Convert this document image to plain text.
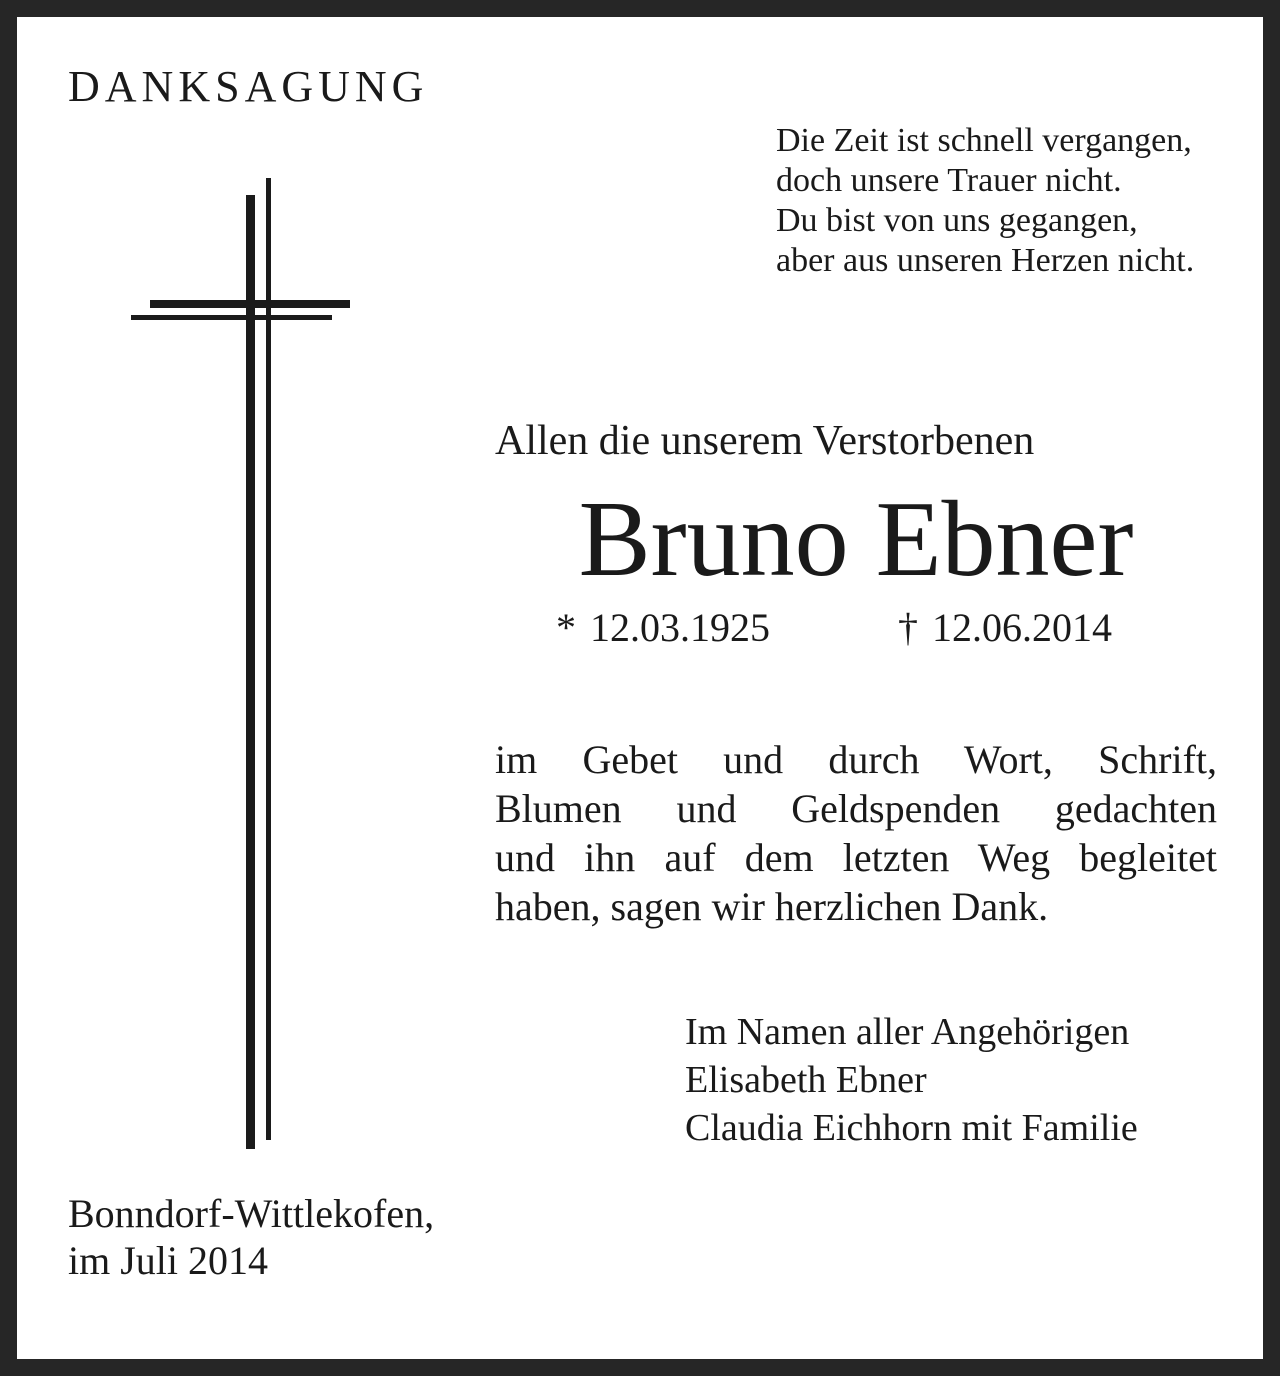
DANKSAGUNG
Die Zeit ist schnell vergangen,
doch unsere Trauer nicht.
Du bist von uns gegangen,
aber aus unseren Herzen nicht.
Allen die unserem Verstorbenen
Bruno Ebner
* 12.03.1925	† 12.06.2014
im Gebet und durch Wort, Schrift,
Blumen und Geldspenden gedachten
und ihn auf dem letzten Weg begleitet
haben, sagen wir herzlichen Dank.
Im Namen aller Angehörigen
Elisabeth Ebner
Claudia Eichhorn mit Familie
Bonndorf-Wittlekofen,
im Juli 2014
